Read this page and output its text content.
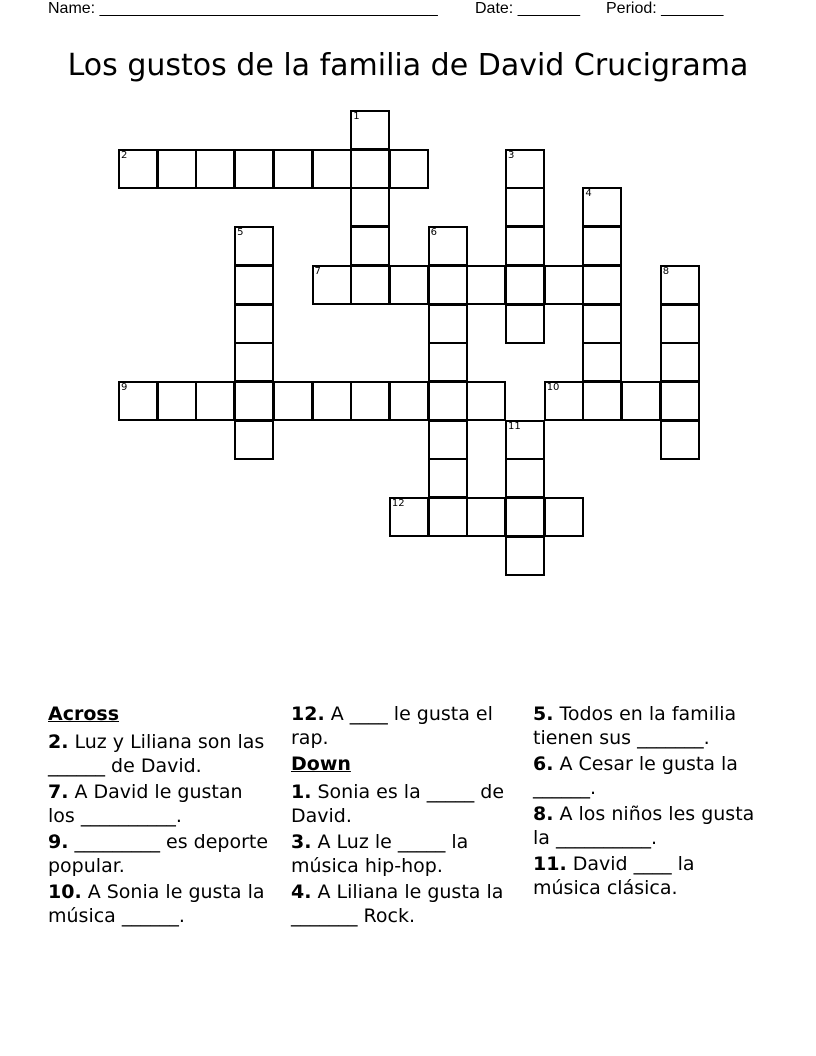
Name: ______________________________________ Date: _______ Period: _______
Los gustos de la familia de David Crucigrama
1
2	3
4
5	6
7	8
9	10
11
12
Across
2. Luz y Liliana son las ______ de David.
7. A David le gustan los __________.
9. _________ es deporte popular.
10. A Sonia le gusta la música ______.
12. A ____ le gusta el rap.
Down
1. Sonia es la _____ de David.
3. A Luz le _____ la música hip-hop.
4. A Liliana le gusta la _______ Rock.
5. Todos en la familia tienen sus _______.
6. A Cesar le gusta la ______.
8. A los niños les gusta la __________.
11. David ____ la música clásica.
